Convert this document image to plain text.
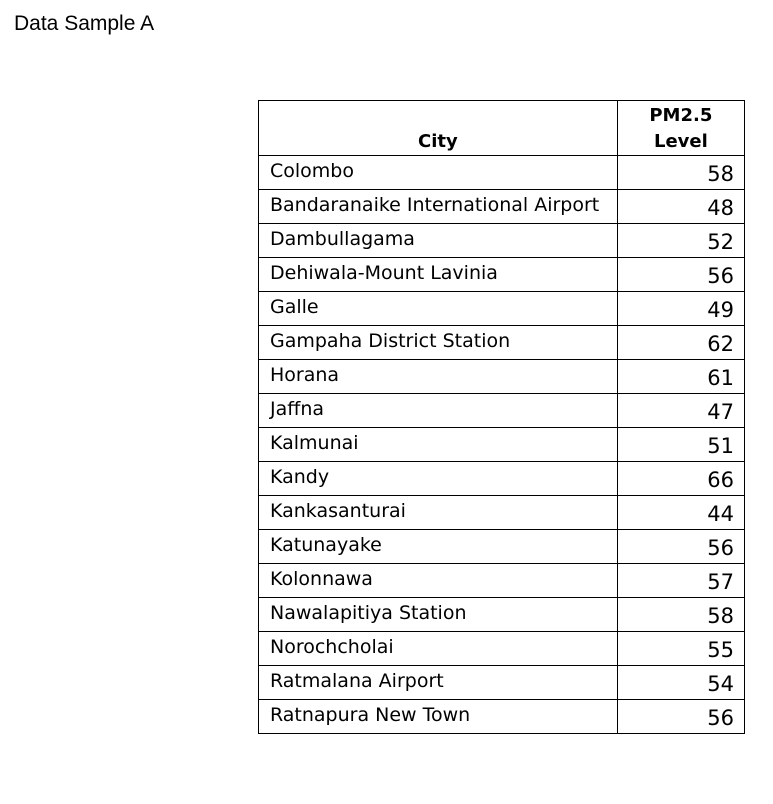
Data Sample A
City	PM2.5
Level
Colombo	58
Bandaranaike International Airport	48
Dambullagama	52
Dehiwala-Mount Lavinia	56
Galle	49
Gampaha District Station	62
Horana	61
Jaffna	47
Kalmunai	51
Kandy	66
Kankasanturai	44
Katunayake	56
Kolonnawa	57
Nawalapitiya Station	58
Norochcholai	55
Ratmalana Airport	54
Ratnapura New Town	56
